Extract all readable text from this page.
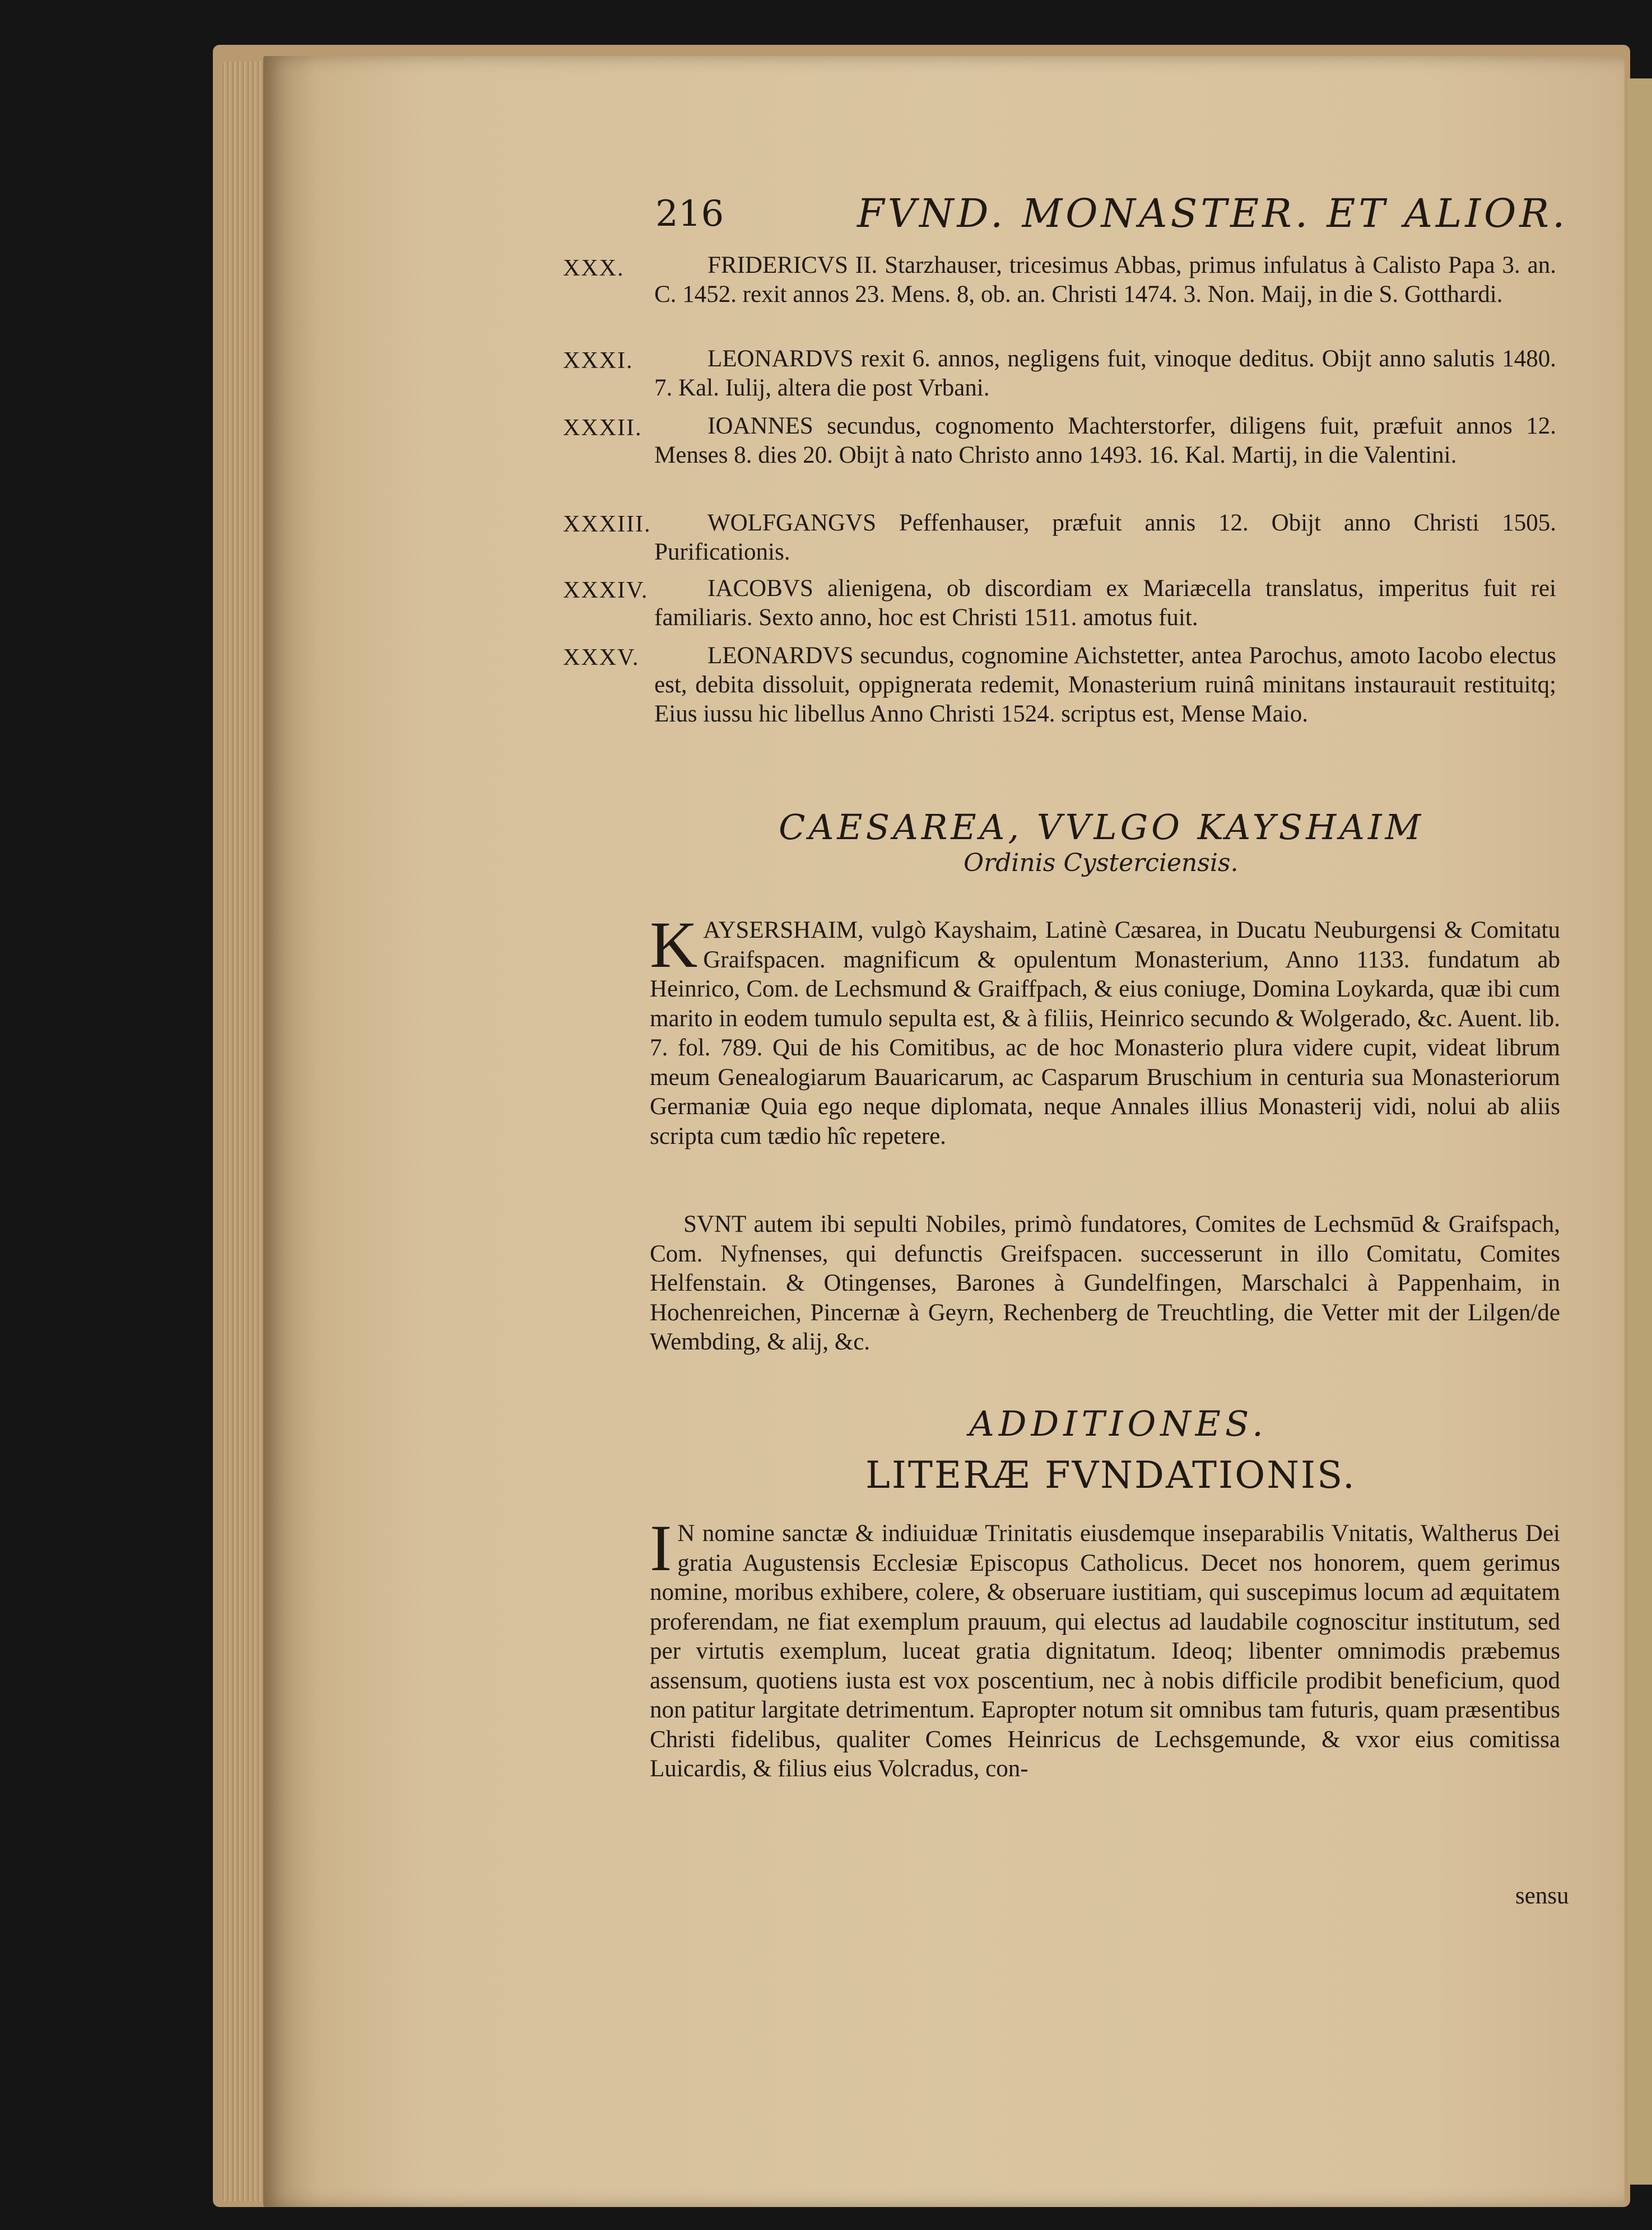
216	FVND. MONASTER. ET ALIOR.
XXX.	FRIDERICVS II. Starzhauser, tricesimus Abbas, primus infulatus à Calisto Papa 3. an. C. 1452. rexit annos 23. Mens. 8, ob. an. Christi 1474. 3. Non. Maij, in die S. Gotthardi.
XXXI.	LEONARDVS rexit 6. annos, negligens fuit, vinoque deditus. Obijt anno salutis 1480. 7. Kal. Iulij, altera die post Vrbani.
XXXII.	IOANNES secundus, cognomento Machterstorfer, diligens fuit, præfuit annos 12. Menses 8. dies 20. Obijt à nato Christo anno 1493. 16. Kal. Martij, in die Valentini.
XXXIII.	WOLFGANGVS Peffenhauser, præfuit annis 12. Obijt anno Christi 1505. Purificationis.
XXXIV.	IACOBVS alienigena, ob discordiam ex Mariæcella translatus, imperitus fuit rei familiaris. Sexto anno, hoc est Christi 1511. amotus fuit.
XXXV.	LEONARDVS secundus, cognomine Aichstetter, antea Parochus, amoto Iacobo electus est, debita dissoluit, oppignerata redemit, Monasterium ruinâ minitans instaurauit restituitq; Eius iussu hic libellus Anno Christi 1524. scriptus est, Mense Maio.
CAESAREA, VVLGO KAYSHAIM
Ordinis Cysterciensis.
KAYSERSHAIM, vulgò Kayshaim, Latinè Cæsarea, in Ducatu Neuburgensi & Comitatu Graifspacen. magnificum & opulentum Monasterium, Anno 1133. fundatum ab Heinrico, Com. de Lechsmund & Graiffpach, & eius coniuge, Domina Loykarda, quæ ibi cum marito in eodem tumulo sepulta est, & à filiis, Heinrico secundo & Wolgerado, &c. Auent. lib. 7. fol. 789. Qui de his Comitibus, ac de hoc Monasterio plura videre cupit, videat librum meum Genealogiarum Bauaricarum, ac Casparum Bruschium in centuria sua Monasteriorum Germaniæ Quia ego neque diplomata, neque Annales illius Monasterij vidi, nolui ab aliis scripta cum tædio hîc repetere.
SVNT autem ibi sepulti Nobiles, primò fundatores, Comites de Lechsmūd & Graifspach, Com. Nyfnenses, qui defunctis Greifspacen. successerunt in illo Comitatu, Comites Helfenstain. & Otingenses, Barones à Gundelfingen, Marschalci à Pappenhaim, in Hochenreichen, Pincernæ à Geyrn, Rechenberg de Treuchtling, die Vetter mit der Lilgen/de Wembding, & alij, &c.
ADDITIONES.
LITERÆ FVNDATIONIS.
I N nomine sanctæ & indiuiduæ Trinitatis eiusdemque inseparabilis Vnitatis, Waltherus Dei gratia Augustensis Ecclesiæ Episcopus Catholicus. Decet nos honorem, quem gerimus nomine, moribus exhibere, colere, & obseruare iustitiam, qui suscepimus locum ad æquitatem proferendam, ne fiat exemplum prauum, qui electus ad laudabile cognoscitur institutum, sed per virtutis exemplum, luceat gratia dignitatum. Ideoq; libenter omnimodis præbemus assensum, quotiens iusta est vox poscentium, nec à nobis difficile prodibit beneficium, quod non patitur largitate detrimentum. Eapropter notum sit omnibus tam futuris, quam præsentibus Christi fidelibus, qualiter Comes Heinricus de Lechsgemunde, & vxor eius comitissa Luicardis, & filius eius Volcradus, con-
sensu
